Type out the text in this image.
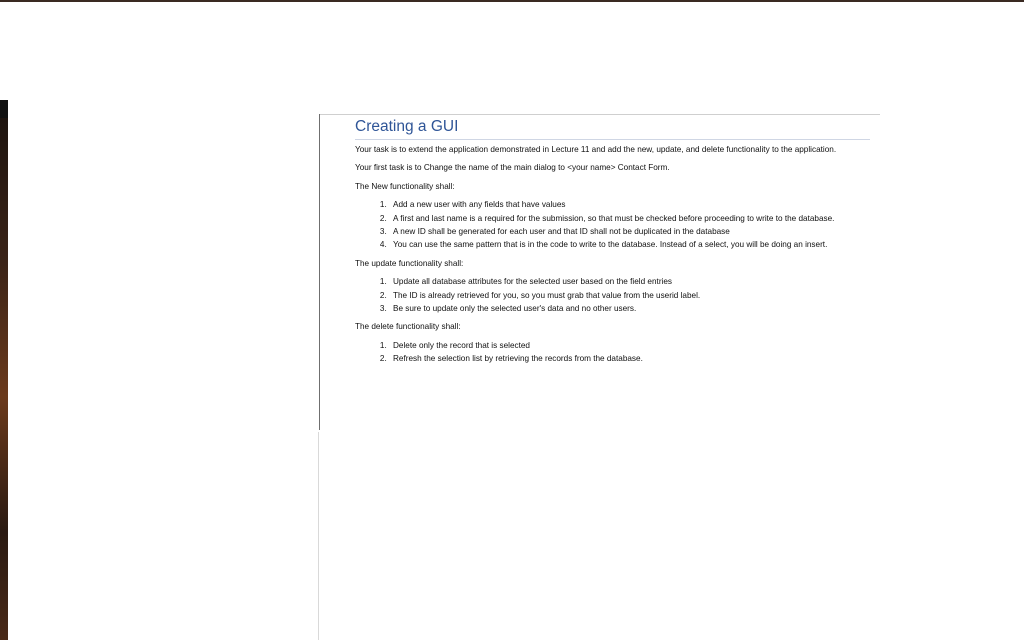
Creating a GUI

Your task is to extend the application demonstrated in Lecture 11 and add the new, update, and delete functionality to the application.

Your first task is to Change the name of the main dialog to <your name> Contact Form.

The New functionality shall:

1. Add a new user with any fields that have values
2. A first and last name is a required for the submission, so that must be checked before proceeding to write to the database.
3. A new ID shall be generated for each user and that ID shall not be duplicated in the database
4. You can use the same pattern that is in the code to write to the database. Instead of a select, you will be doing an insert.

The update functionality shall:

1. Update all database attributes for the selected user based on the field entries
2. The ID is already retrieved for you, so you must grab that value from the userid label.
3. Be sure to update only the selected user's data and no other users.

The delete functionality shall:

1. Delete only the record that is selected
2. Refresh the selection list by retrieving the records from the database.
